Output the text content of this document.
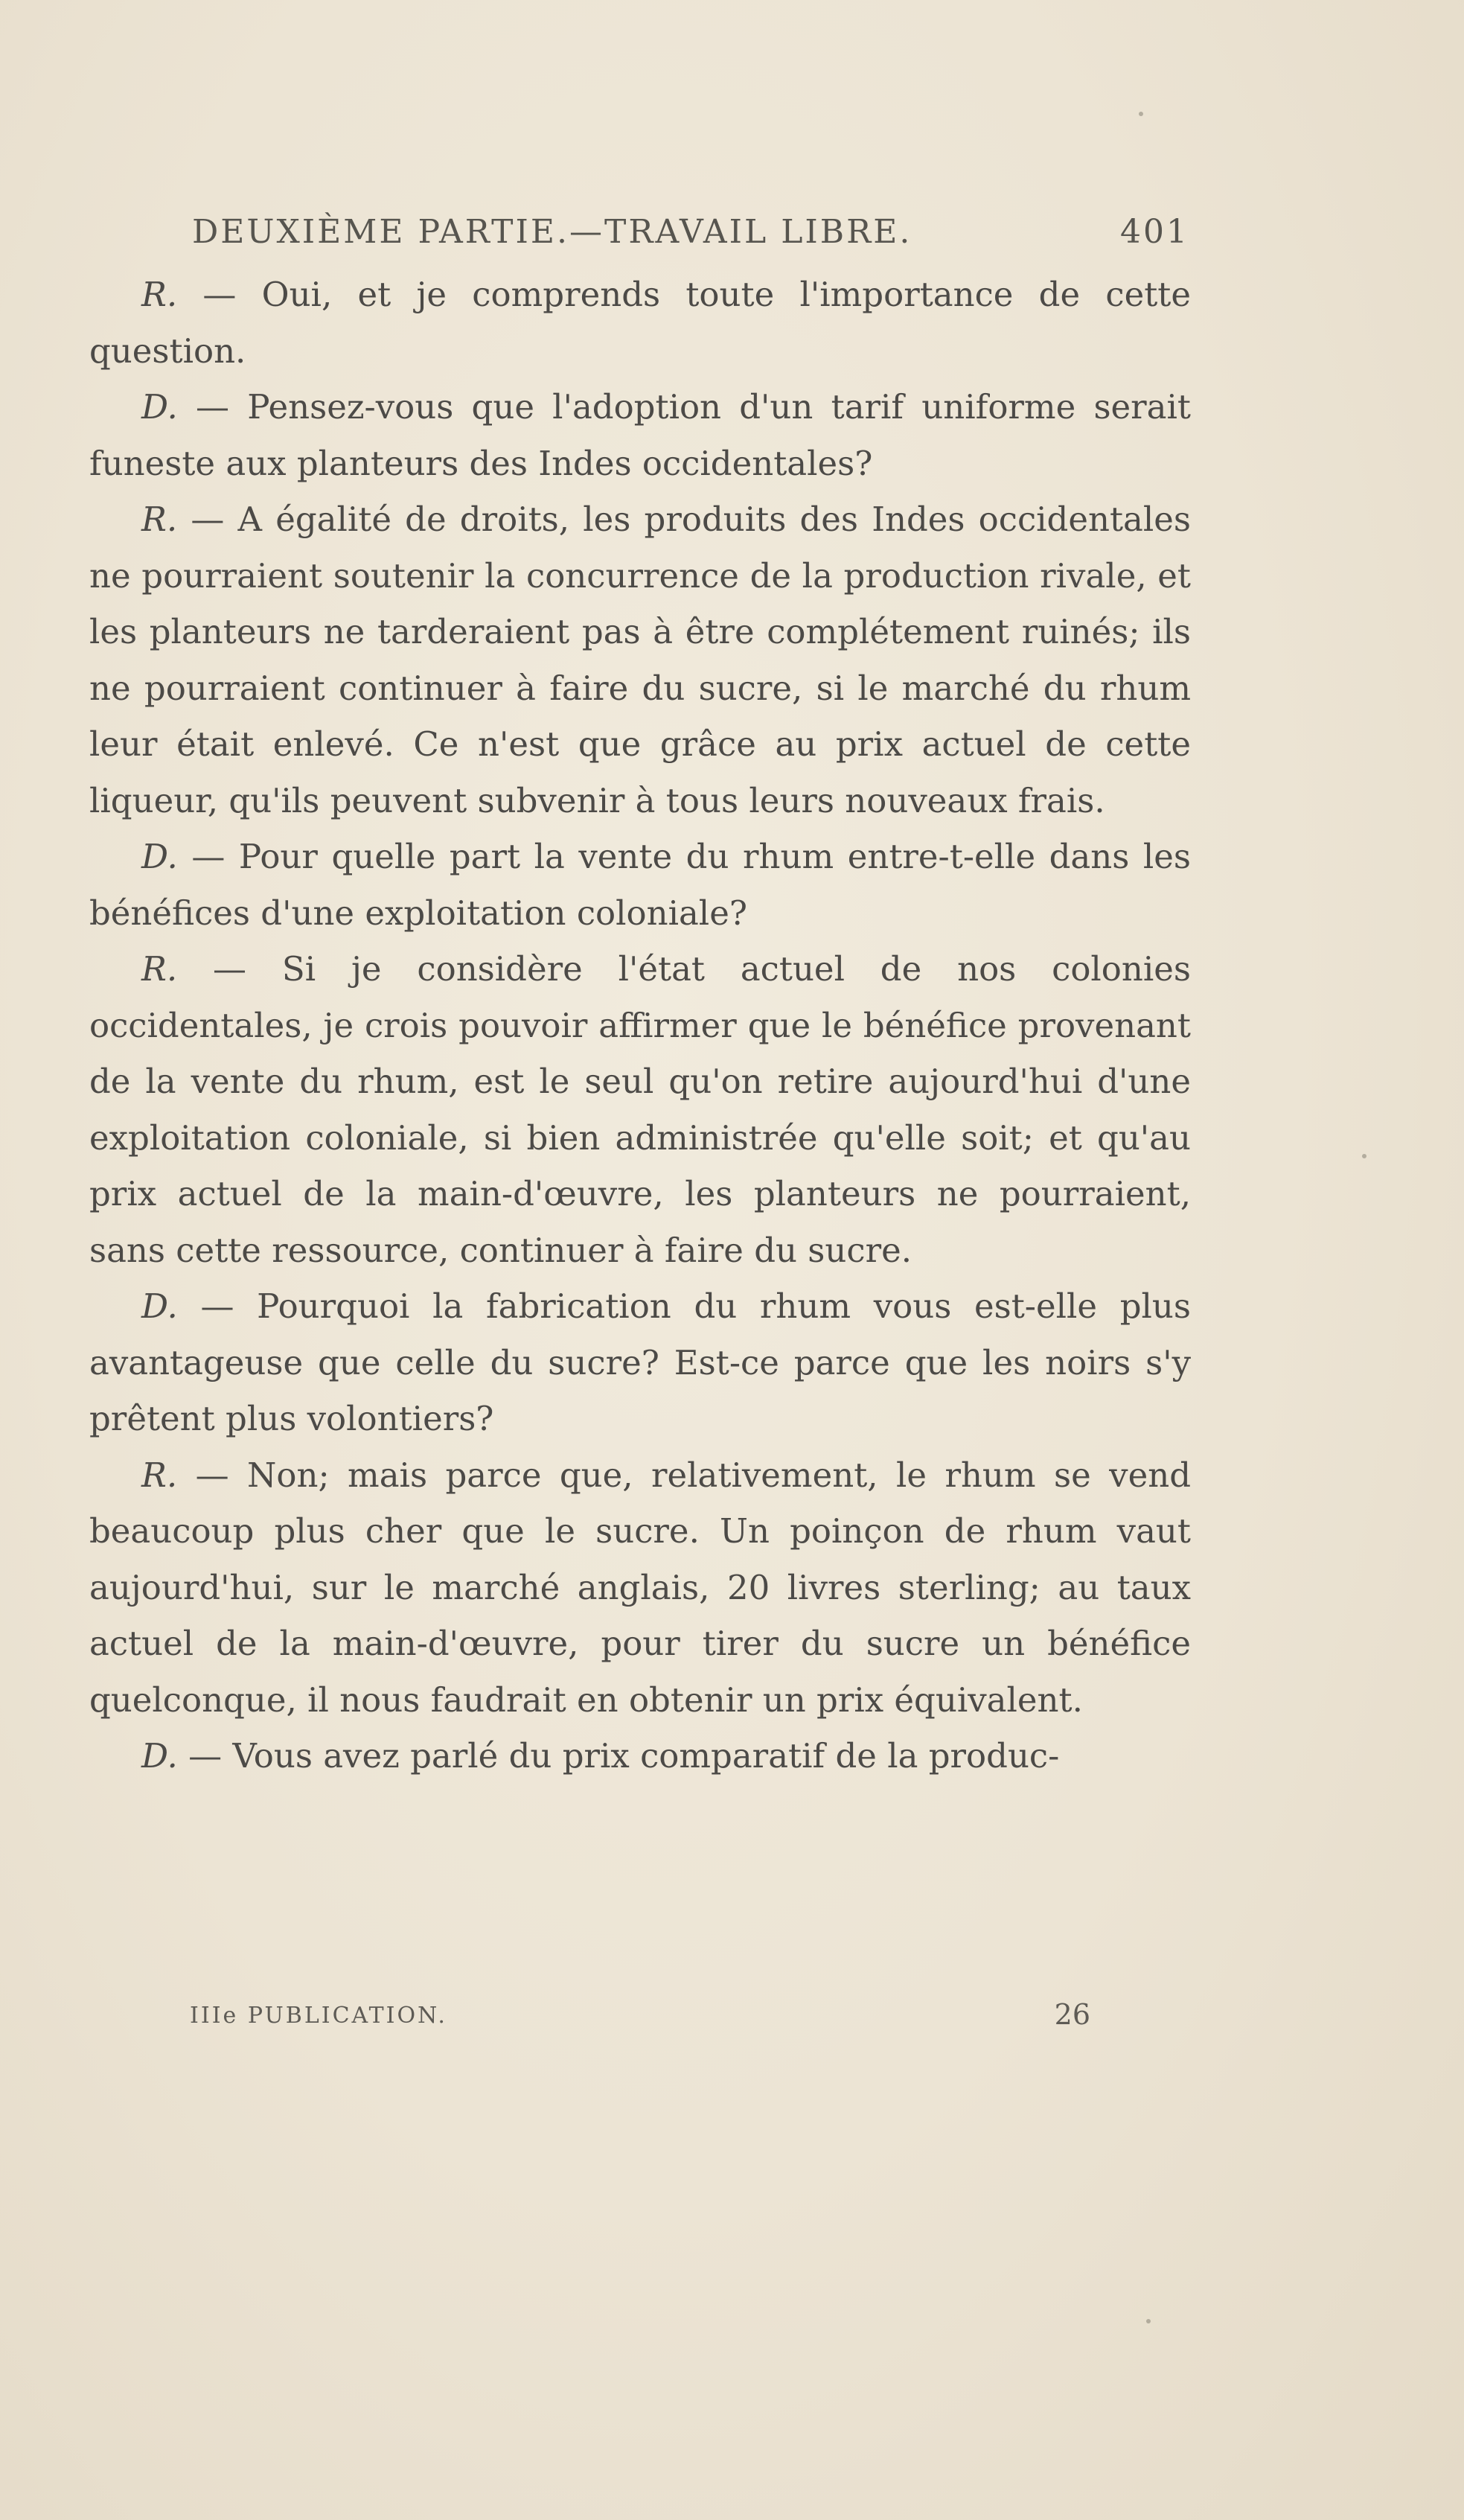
DEUXIÈME PARTIE.—TRAVAIL LIBRE.	401

R. — Oui, et je comprends toute l'importance de cette question.

D. — Pensez-vous que l'adoption d'un tarif uniforme serait funeste aux planteurs des Indes occidentales?

R. — A égalité de droits, les produits des Indes occidentales ne pourraient soutenir la concurrence de la production rivale, et les planteurs ne tarderaient pas à être complétement ruinés; ils ne pourraient continuer à faire du sucre, si le marché du rhum leur était enlevé. Ce n'est que grâce au prix actuel de cette liqueur, qu'ils peuvent subvenir à tous leurs nouveaux frais.

D. — Pour quelle part la vente du rhum entre-t-elle dans les bénéfices d'une exploitation coloniale?

R. — Si je considère l'état actuel de nos colonies occidentales, je crois pouvoir affirmer que le bénéfice provenant de la vente du rhum, est le seul qu'on retire aujourd'hui d'une exploitation coloniale, si bien administrée qu'elle soit; et qu'au prix actuel de la main-d'œuvre, les planteurs ne pourraient, sans cette ressource, continuer à faire du sucre.

D. — Pourquoi la fabrication du rhum vous est-elle plus avantageuse que celle du sucre? Est-ce parce que les noirs s'y prêtent plus volontiers?

R. — Non; mais parce que, relativement, le rhum se vend beaucoup plus cher que le sucre. Un poinçon de rhum vaut aujourd'hui, sur le marché anglais, 20 livres sterling; au taux actuel de la main-d'œuvre, pour tirer du sucre un bénéfice quelconque, il nous faudrait en obtenir un prix équivalent.

D. — Vous avez parlé du prix comparatif de la produc-

IIIe PUBLICATION.	26
